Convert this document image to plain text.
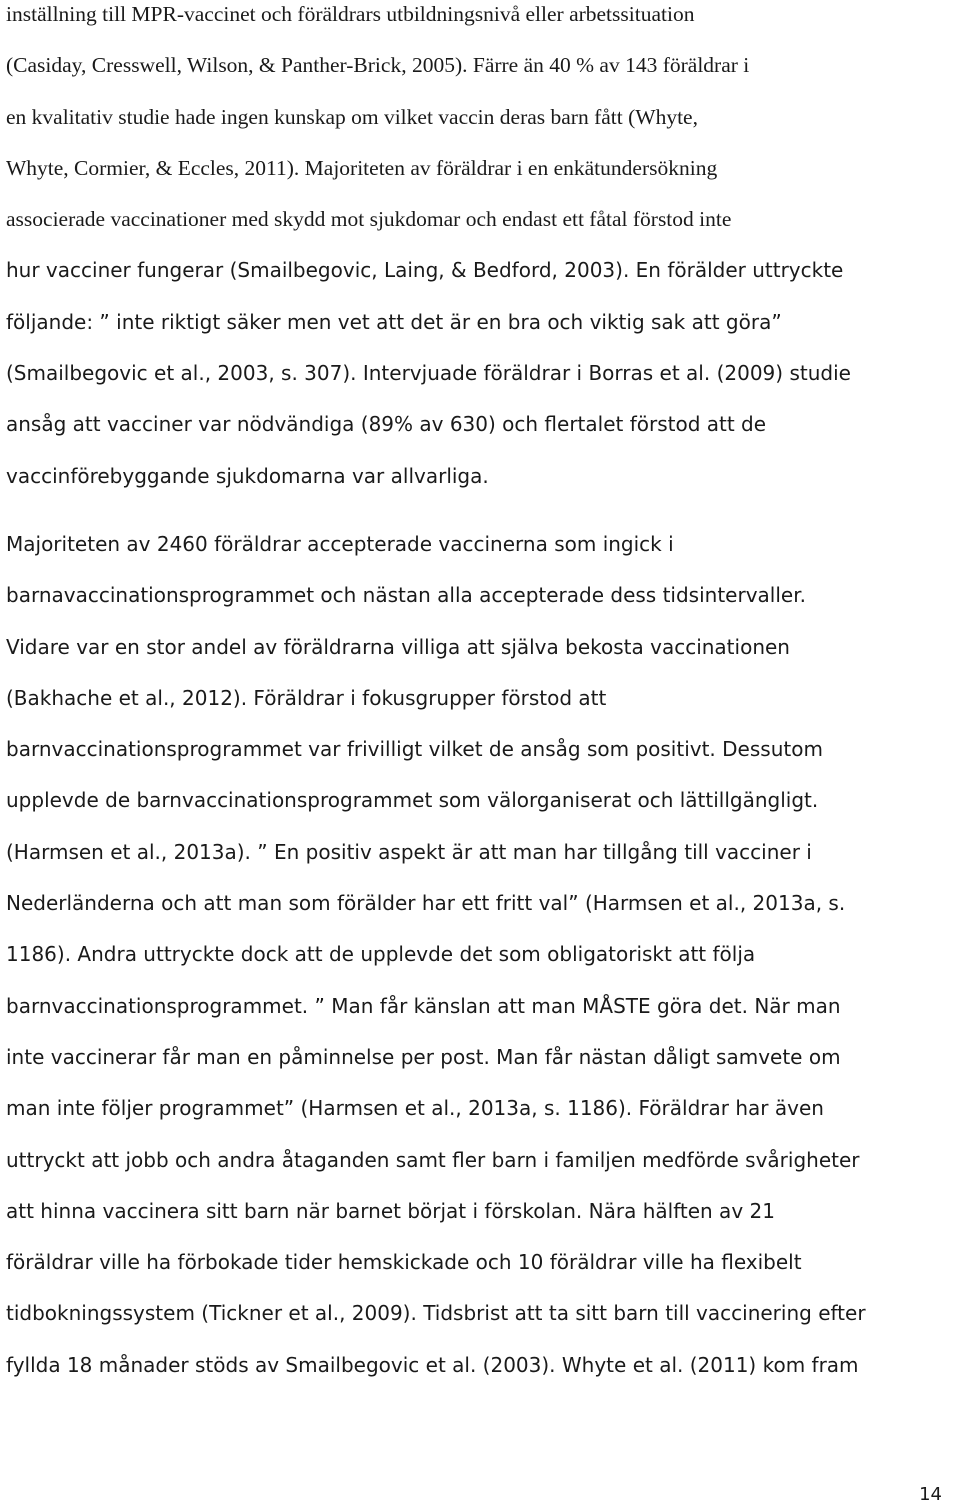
inställning till MPR-vaccinet och föräldrars utbildningsnivå eller arbetssituation
(Casiday, Cresswell, Wilson, & Panther-Brick, 2005). Färre än 40 % av 143 föräldrar i
en kvalitativ studie hade ingen kunskap om vilket vaccin deras barn fått (Whyte,
Whyte, Cormier, & Eccles, 2011). Majoriteten av föräldrar i en enkätundersökning
associerade vaccinationer med skydd mot sjukdomar och endast ett fåtal förstod inte
hur vacciner fungerar (Smailbegovic, Laing, & Bedford, 2003). En förälder uttryckte
följande: ” inte riktigt säker men vet att det är en bra och viktig sak att göra”
(Smailbegovic et al., 2003, s. 307). Intervjuade föräldrar i Borras et al. (2009) studie
ansåg att vacciner var nödvändiga (89% av 630) och flertalet förstod att de
vaccinförebyggande sjukdomarna var allvarliga.
Majoriteten av 2460 föräldrar accepterade vaccinerna som ingick i
barnavaccinationsprogrammet och nästan alla accepterade dess tidsintervaller.
Vidare var en stor andel av föräldrarna villiga att själva bekosta vaccinationen
(Bakhache et al., 2012). Föräldrar i fokusgrupper förstod att
barnvaccinationsprogrammet var frivilligt vilket de ansåg som positivt. Dessutom
upplevde de barnvaccinationsprogrammet som välorganiserat och lättillgängligt.
(Harmsen et al., 2013a). ” En positiv aspekt är att man har tillgång till vacciner i
Nederländerna och att man som förälder har ett fritt val” (Harmsen et al., 2013a, s.
1186). Andra uttryckte dock att de upplevde det som obligatoriskt att följa
barnvaccinationsprogrammet. ” Man får känslan att man MÅSTE göra det. När man
inte vaccinerar får man en påminnelse per post. Man får nästan dåligt samvete om
man inte följer programmet” (Harmsen et al., 2013a, s. 1186). Föräldrar har även
uttryckt att jobb och andra åtaganden samt fler barn i familjen medförde svårigheter
att hinna vaccinera sitt barn när barnet börjat i förskolan. Nära hälften av 21
föräldrar ville ha förbokade tider hemskickade och 10 föräldrar ville ha flexibelt
tidbokningssystem (Tickner et al., 2009). Tidsbrist att ta sitt barn till vaccinering efter
fyllda 18 månader stöds av Smailbegovic et al. (2003). Whyte et al. (2011) kom fram
14
